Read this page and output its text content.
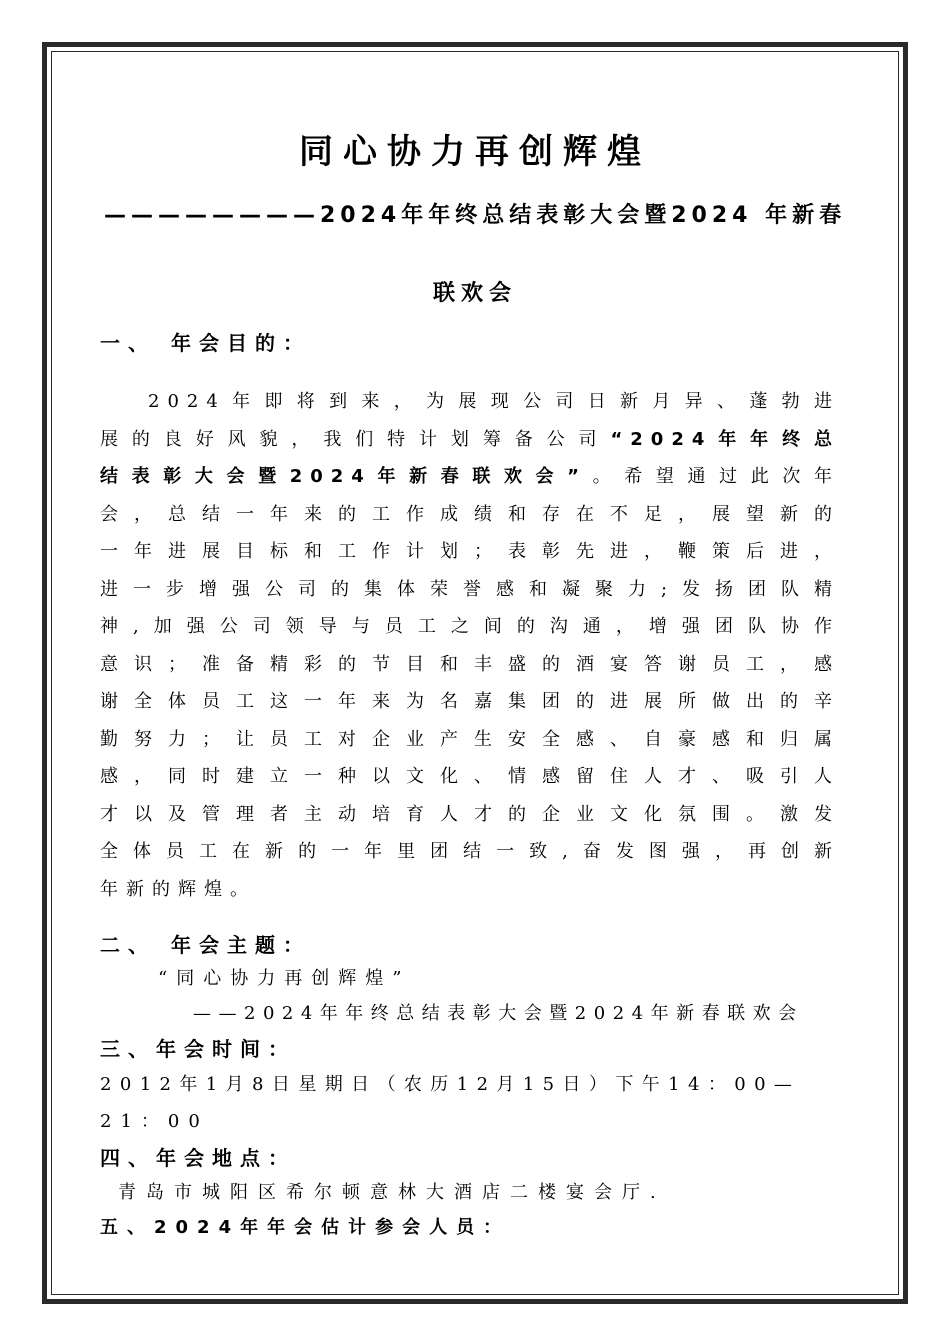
同心协力再创辉煌
————————2024年年终总结表彰大会暨2024 年新春
联欢会
一、 年会目的：
2024年即将到来，为展现公司日新月异、蓬勃进
展的良好风貌，我们特计划筹备公司“2024年年终总
结表彰大会暨2024年新春联欢会”。希望通过此次年
会，总结一年来的工作成绩和存在不足，展望新的
一年进展目标和工作计划；表彰先进，鞭策后进，
进一步增强公司的集体荣誉感和凝聚力;发扬团队精
神,加强公司领导与员工之间的沟通，增强团队协作
意识；准备精彩的节目和丰盛的酒宴答谢员工，感
谢全体员工这一年来为名嘉集团的进展所做出的辛
勤努力；让员工对企业产生安全感、自豪感和归属
感，同时建立一种以文化、情感留住人才、吸引人
才以及管理者主动培育人才的企业文化氛围。激发
全体员工在新的一年里团结一致,奋发图强，再创新
年新的辉煌。
二、 年会主题：
“同心协力再创辉煌”
——2024年年终总结表彰大会暨2024年新春联欢会
三、年会时间：
2012年1月8日星期日（农历12月15日）下午14：00—
21：00
四、年会地点：
青岛市城阳区希尔顿意林大酒店二楼宴会厅.
五、2024年年会估计参会人员：
